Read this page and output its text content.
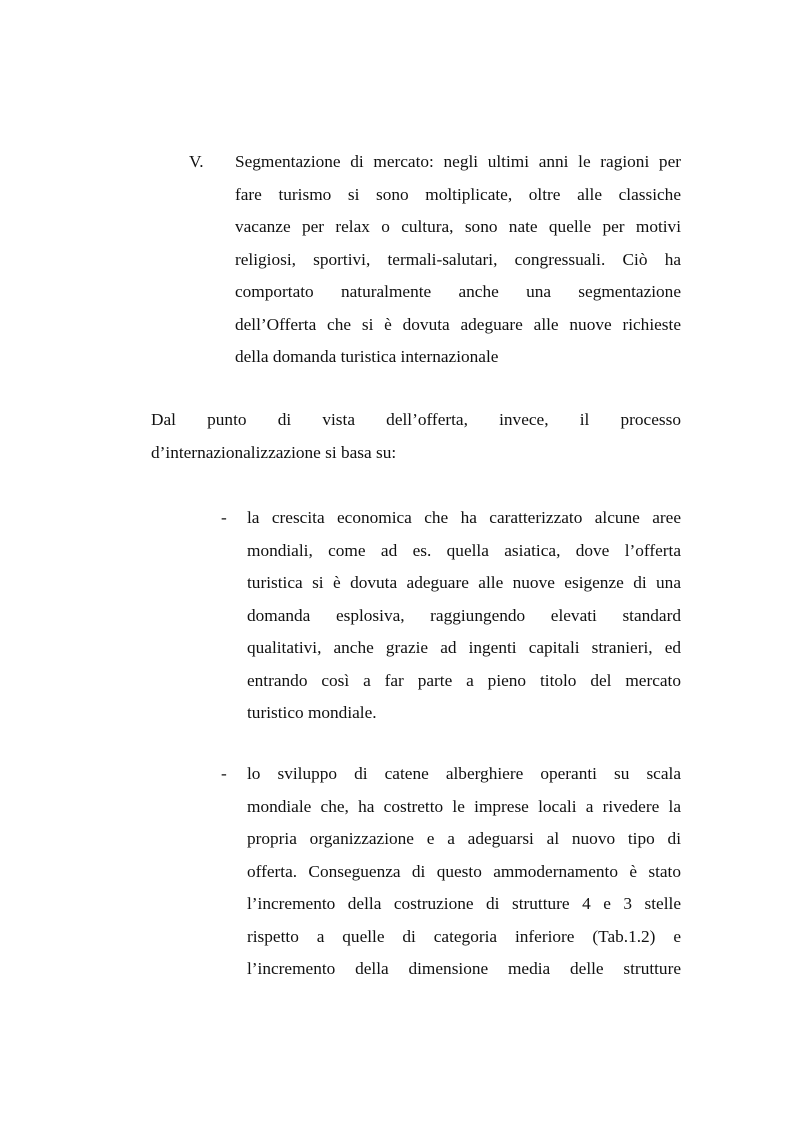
V. Segmentazione di mercato: negli ultimi anni le ragioni per
fare turismo si sono moltiplicate, oltre alle classiche
vacanze per relax o cultura, sono nate quelle per motivi
religiosi, sportivi, termali-salutari, congressuali. Ciò ha
comportato naturalmente anche una segmentazione
dell’Offerta che si è dovuta adeguare alle nuove richieste
della domanda turistica internazionale
Dal punto di vista dell’offerta, invece, il processo
d’internazionalizzazione si basa su:
- la crescita economica che ha caratterizzato alcune aree
mondiali, come ad es. quella asiatica, dove l’offerta
turistica si è dovuta adeguare alle nuove esigenze di una
domanda esplosiva, raggiungendo elevati standard
qualitativi, anche grazie ad ingenti capitali stranieri, ed
entrando così a far parte a pieno titolo del mercato
turistico mondiale.
- lo sviluppo di catene alberghiere operanti su scala
mondiale che, ha costretto le imprese locali a rivedere la
propria organizzazione e a adeguarsi al nuovo tipo di
offerta. Conseguenza di questo ammodernamento è stato
l’incremento della costruzione di strutture 4 e 3 stelle
rispetto a quelle di categoria inferiore (Tab.1.2) e
l’incremento della dimensione media delle strutture
